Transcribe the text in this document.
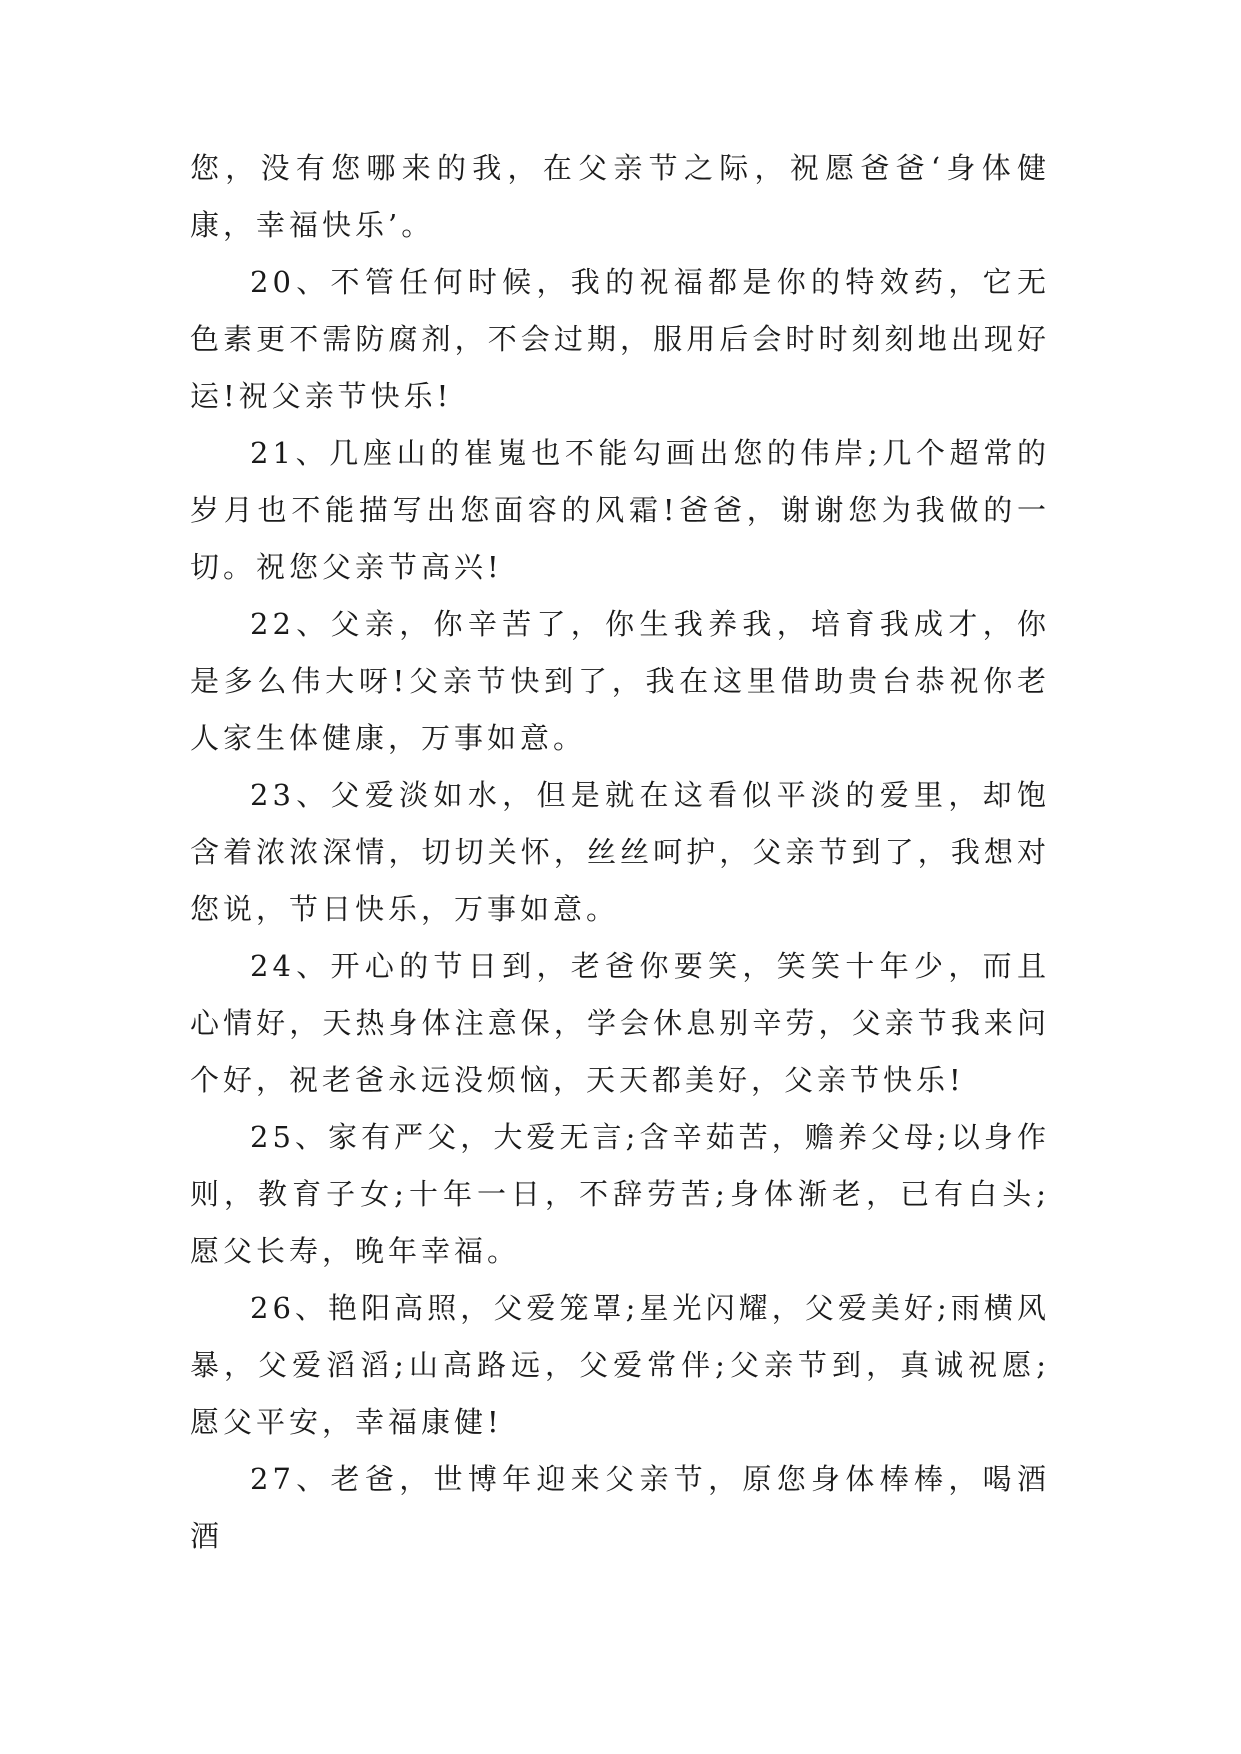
您，没有您哪来的我，在父亲节之际，祝愿爸爸‘身体健康，幸福快乐’。

20、不管任何时候，我的祝福都是你的特效药，它无色素更不需防腐剂，不会过期，服用后会时时刻刻地出现好运!祝父亲节快乐!

21、几座山的崔嵬也不能勾画出您的伟岸;几个超常的岁月也不能描写出您面容的风霜!爸爸，谢谢您为我做的一切。祝您父亲节高兴!

22、父亲，你辛苦了，你生我养我，培育我成才，你是多么伟大呀!父亲节快到了，我在这里借助贵台恭祝你老人家生体健康，万事如意。

23、父爱淡如水，但是就在这看似平淡的爱里，却饱含着浓浓深情，切切关怀，丝丝呵护，父亲节到了，我想对您说，节日快乐，万事如意。

24、开心的节日到，老爸你要笑，笑笑十年少，而且心情好，天热身体注意保，学会休息别辛劳，父亲节我来问个好，祝老爸永远没烦恼，天天都美好，父亲节快乐!

25、家有严父，大爱无言;含辛茹苦，赡养父母;以身作则，教育子女;十年一日，不辞劳苦;身体渐老，已有白头;愿父长寿，晚年幸福。

26、艳阳高照，父爱笼罩;星光闪耀，父爱美好;雨横风暴，父爱滔滔;山高路远，父爱常伴;父亲节到，真诚祝愿;愿父平安，幸福康健!

27、老爸，世博年迎来父亲节，原您身体棒棒，喝酒酒
